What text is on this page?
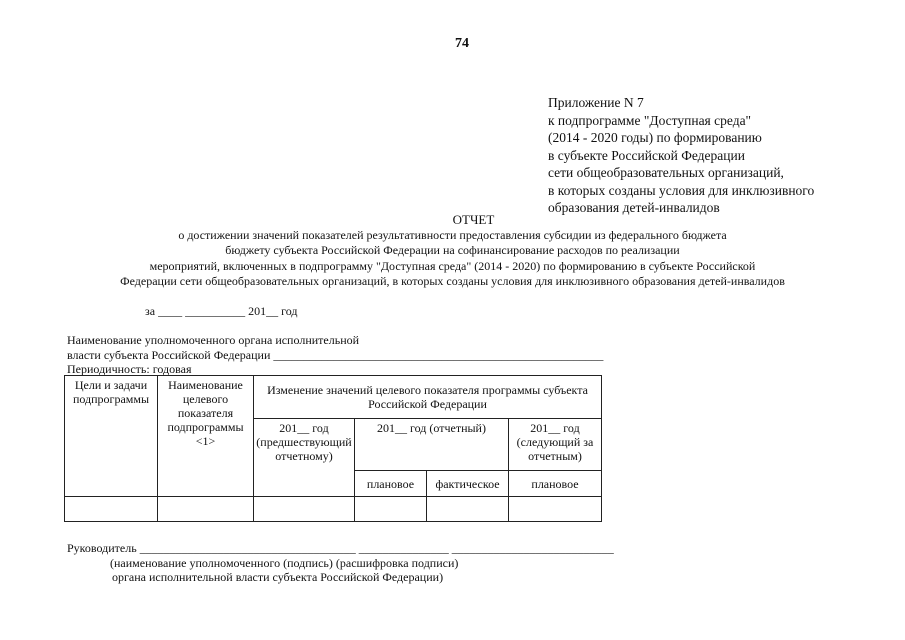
74
Приложение N 7
к подпрограмме "Доступная среда"
(2014 - 2020 годы) по формированию
в субъекте Российской Федерации
сети общеобразовательных организаций,
в которых созданы условия для инклюзивного
образования детей-инвалидов
ОТЧЕТ
о достижении значений показателей результативности предоставления субсидии из федерального бюджета
бюджету субъекта Российской Федерации на софинансирование расходов по реализации
мероприятий, включенных в подпрограмму "Доступная среда" (2014 - 2020) по формированию в субъекте Российской
Федерации сети общеобразовательных организаций, в которых созданы условия для инклюзивного образования детей-инвалидов
за ____ __________ 201__ год
Наименование уполномоченного органа исполнительной
власти субъекта Российской Федерации _______________________________________________________
Периодичность: годовая
Цели и задачи подпрограммы	Наименование целевого показателя подпрограммы <1>	Изменение значений целевого показателя программы субъекта Российской Федерации			
		201__ год (предшествующий отчетному)	201__ год (отчетный)		201__ год (следующий за отчетным)
			плановое	фактическое	плановое

Руководитель ____________________________________ _______________ ___________________________
(наименование уполномоченного (подпись) (расшифровка подписи)
органа исполнительной власти субъекта Российской Федерации)
